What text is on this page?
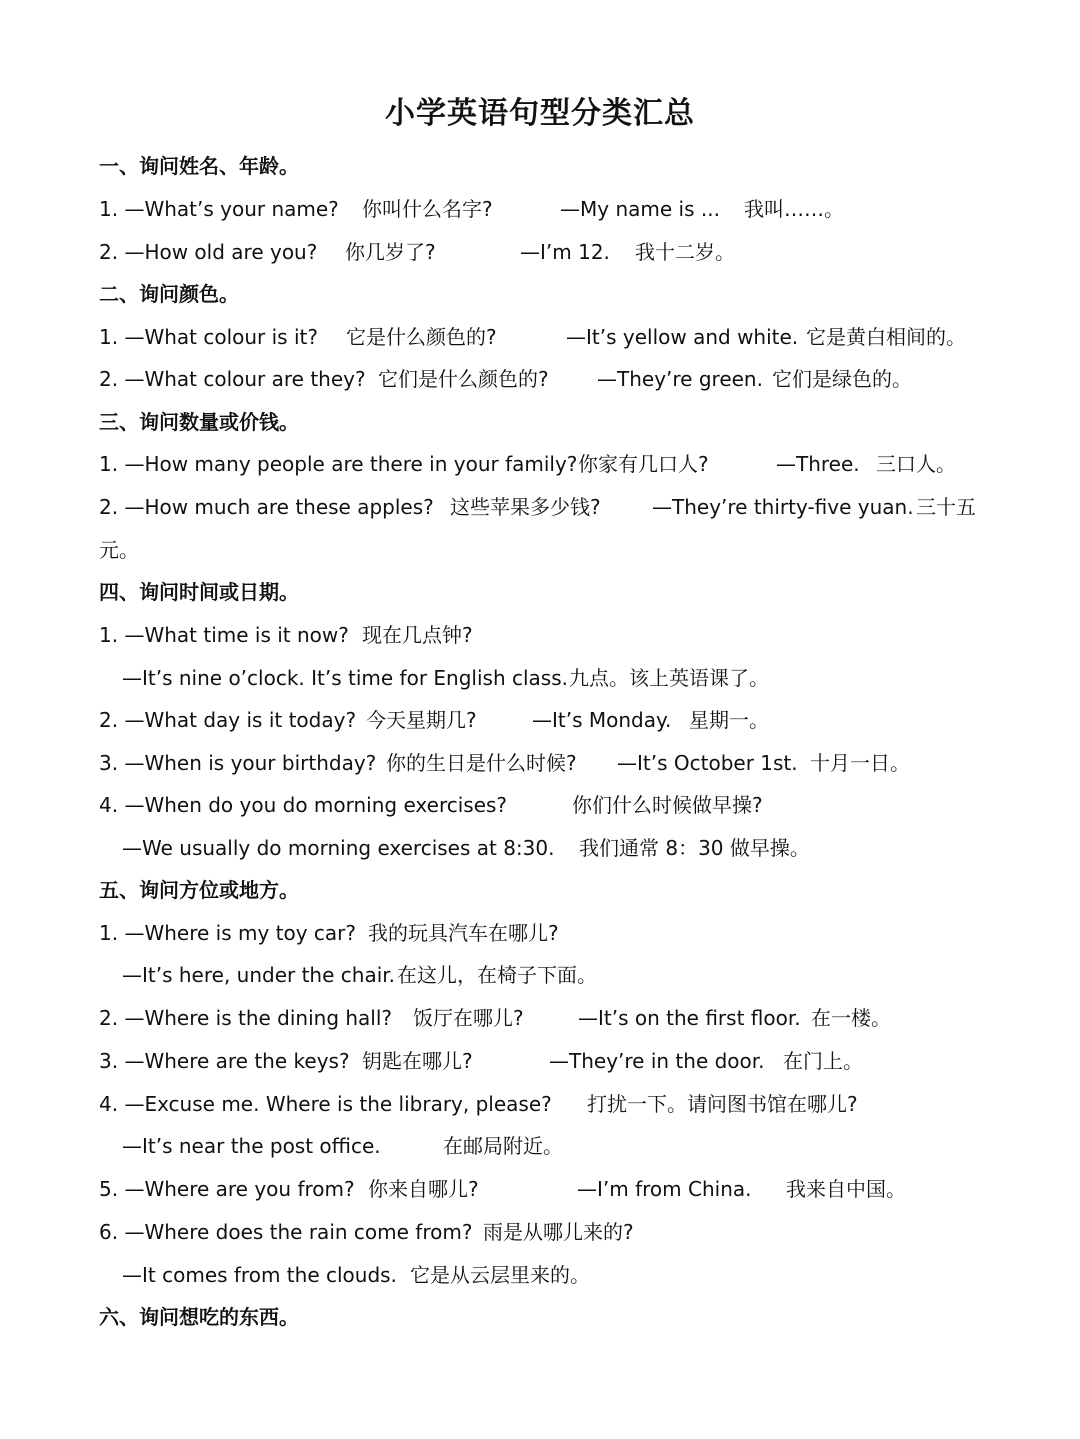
小学英语句型分类汇总
一、询问姓名、年龄。
1. —What’s your name? 你叫什么名字?	—My name is ... 我叫……。
2. —How old are you? 你几岁了?	—I’m 12. 我十二岁。
二、询问颜色。
1. —What colour is it? 它是什么颜色的?	—It’s yellow and white. 它是黄白相间的。
2. —What colour are they? 它们是什么颜色的? —They’re green. 它们是绿色的。
三、询问数量或价钱。
1. —How many people are there in your family? 你家有几口人?	—Three. 三口人。
2. —How much are these apples? 这些苹果多少钱?	—They’re thirty-five yuan. 三十五
元。
四、询问时间或日期。
1. —What time is it now? 现在几点钟?
—It’s nine o’clock. It’s time for English class. 九点。该上英语课了。
2. —What day is it today? 今天星期几?	—It’s Monday. 星期一。
3. —When is your birthday? 你的生日是什么时候? —It’s October 1st. 十月一日。
4. —When do you do morning exercises?	你们什么时候做早操?
—We usually do morning exercises at 8:30. 我们通常 8：30 做早操。
五、询问方位或地方。
1. —Where is my toy car? 我的玩具汽车在哪儿?
—It’s here, under the chair. 在这儿，在椅子下面。
2. —Where is the dining hall? 饭厅在哪儿?	—It’s on the first floor. 在一楼。
3. —Where are the keys? 钥匙在哪儿?	—They’re in the door. 在门上。
4. —Excuse me. Where is the library, please? 打扰一下。请问图书馆在哪儿?
—It’s near the post office.	在邮局附近。
5. —Where are you from? 你来自哪儿?	—I’m from China. 我来自中国。
6. —Where does the rain come from? 雨是从哪儿来的?
—It comes from the clouds. 它是从云层里来的。
六、询问想吃的东西。
